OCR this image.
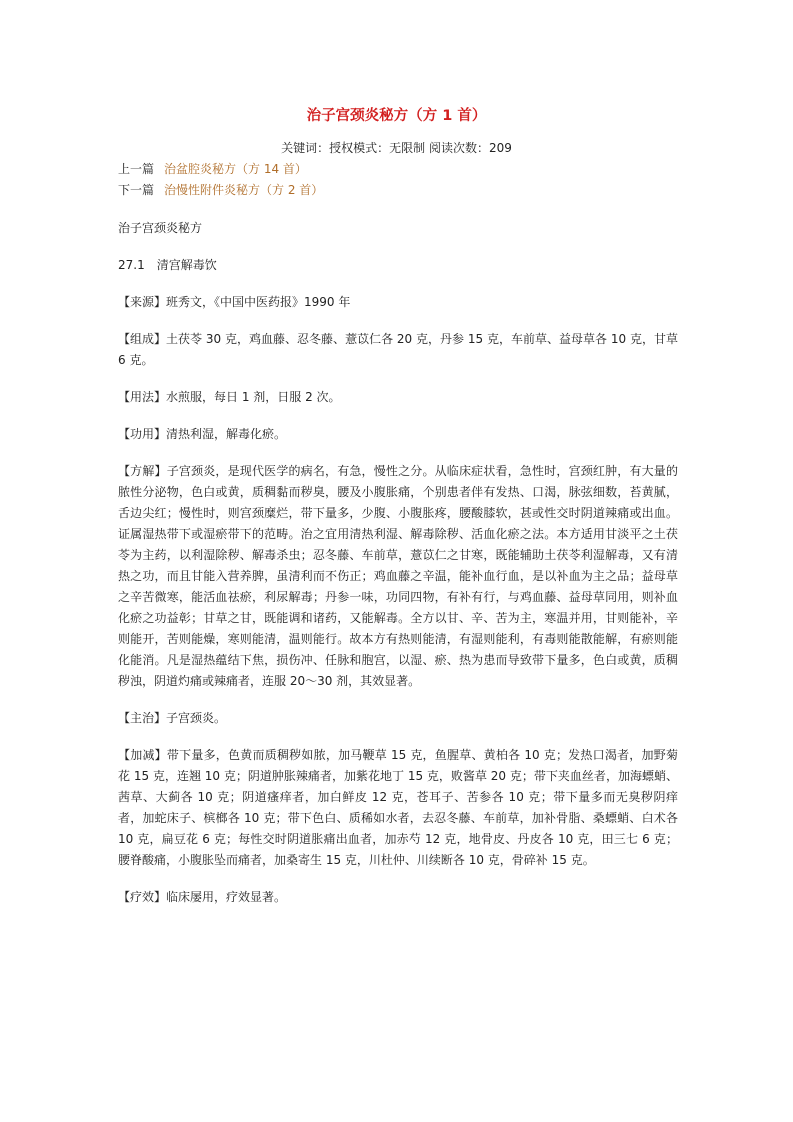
治子宫颈炎秘方（方 1 首）
关键词：授权模式：无限制 阅读次数：209
上一篇 治盆腔炎秘方（方 14 首）
下一篇 治慢性附件炎秘方（方 2 首）

治子宫颈炎秘方

27.1　清宫解毒饮

【来源】班秀文，《中国中医药报》1990 年

【组成】土茯苓 30 克，鸡血藤、忍冬藤、薏苡仁各 20 克，丹参 15 克，车前草、益母草各 10 克，甘草 6 克。

【用法】水煎服，每日 1 剂，日服 2 次。

【功用】清热利湿，解毒化瘀。

【方解】子宫颈炎，是现代医学的病名，有急，慢性之分。从临床症状看，急性时，宫颈红肿，有大量的脓性分泌物，色白或黄，质稠黏而秽臭，腰及小腹胀痛，个别患者伴有发热、口渴，脉弦细数，苔黄腻，舌边尖红；慢性时，则宫颈糜烂，带下量多，少腹、小腹胀疼，腰酸膝软，甚或性交时阴道辣痛或出血。证属湿热带下或湿瘀带下的范畴。治之宜用清热利湿、解毒除秽、活血化瘀之法。本方适用甘淡平之土茯苓为主药，以利湿除秽、解毒杀虫；忍冬藤、车前草，薏苡仁之甘寒，既能辅助土茯苓利湿解毒，又有清热之功，而且甘能入营养脾，虽清利而不伤正；鸡血藤之辛温，能补血行血，是以补血为主之品；益母草之辛苦微寒，能活血祛瘀，利尿解毒；丹参一味，功同四物，有补有行，与鸡血藤、益母草同用，则补血化瘀之功益彰；甘草之甘，既能调和诸药，又能解毒。全方以甘、辛、苦为主，寒温并用，甘则能补，辛则能开，苦则能燥，寒则能清，温则能行。故本方有热则能清，有湿则能利，有毒则能散能解，有瘀则能化能消。凡是湿热蕴结下焦，损伤冲、任脉和胞宫，以湿、瘀、热为患而导致带下量多，色白或黄，质稠秽浊，阴道灼痛或辣痛者，连服 20～30 剂，其效显著。

【主治】子宫颈炎。

【加减】带下量多，色黄而质稠秽如脓，加马鞭草 15 克，鱼腥草、黄柏各 10 克；发热口渴者，加野菊花 15 克，连翘 10 克；阴道肿胀辣痛者，加紫花地丁 15 克，败酱草 20 克；带下夹血丝者，加海螵蛸、茜草、大蓟各 10 克；阴道瘙痒者，加白鲜皮 12 克，苍耳子、苦参各 10 克；带下量多而无臭秽阴痒者，加蛇床子、槟榔各 10 克；带下色白、质稀如水者，去忍冬藤、车前草，加补骨脂、桑螵蛸、白术各 10 克，扁豆花 6 克；每性交时阴道胀痛出血者，加赤芍 12 克，地骨皮、丹皮各 10 克，田三七 6 克；腰脊酸痛，小腹胀坠而痛者，加桑寄生 15 克，川杜仲、川续断各 10 克，骨碎补 15 克。

【疗效】临床屡用，疗效显著。
